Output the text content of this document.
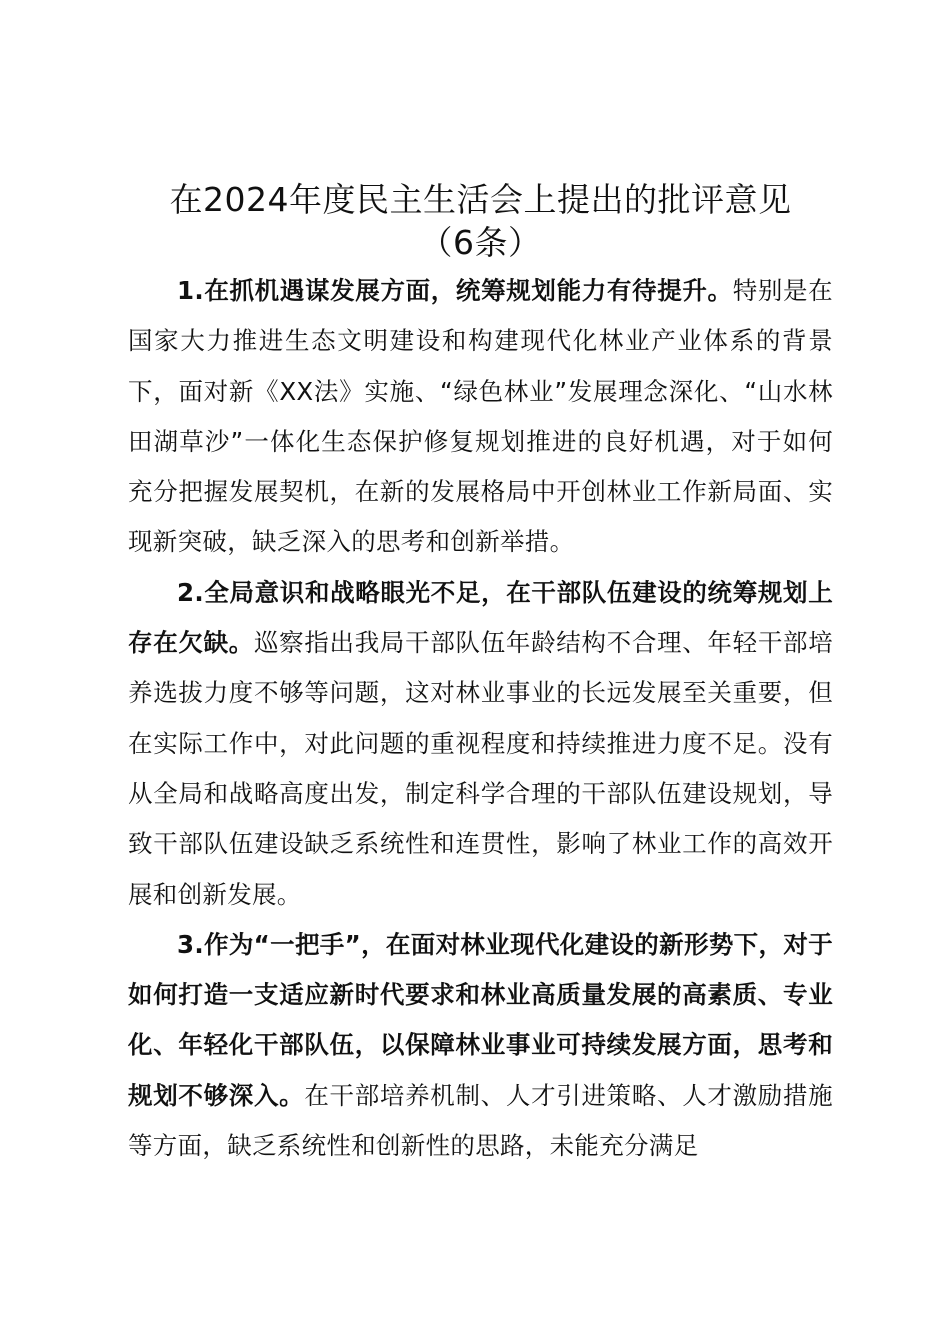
在2024年度民主生活会上提出的批评意见
（6条）

1.在抓机遇谋发展方面，统筹规划能力有待提升。特别是在国家大力推进生态文明建设和构建现代化林业产业体系的背景下，面对新《XX法》实施、“绿色林业”发展理念深化、“山水林田湖草沙”一体化生态保护修复规划推进的良好机遇，对于如何充分把握发展契机，在新的发展格局中开创林业工作新局面、实现新突破，缺乏深入的思考和创新举措。

2.全局意识和战略眼光不足，在干部队伍建设的统筹规划上存在欠缺。巡察指出我局干部队伍年龄结构不合理、年轻干部培养选拔力度不够等问题，这对林业事业的长远发展至关重要，但在实际工作中，对此问题的重视程度和持续推进力度不足。没有从全局和战略高度出发，制定科学合理的干部队伍建设规划，导致干部队伍建设缺乏系统性和连贯性，影响了林业工作的高效开展和创新发展。

3.作为“一把手”，在面对林业现代化建设的新形势下，对于如何打造一支适应新时代要求和林业高质量发展的高素质、专业化、年轻化干部队伍，以保障林业事业可持续发展方面，思考和规划不够深入。在干部培养机制、人才引进策略、人才激励措施等方面，缺乏系统性和创新性的思路，未能充分满足
